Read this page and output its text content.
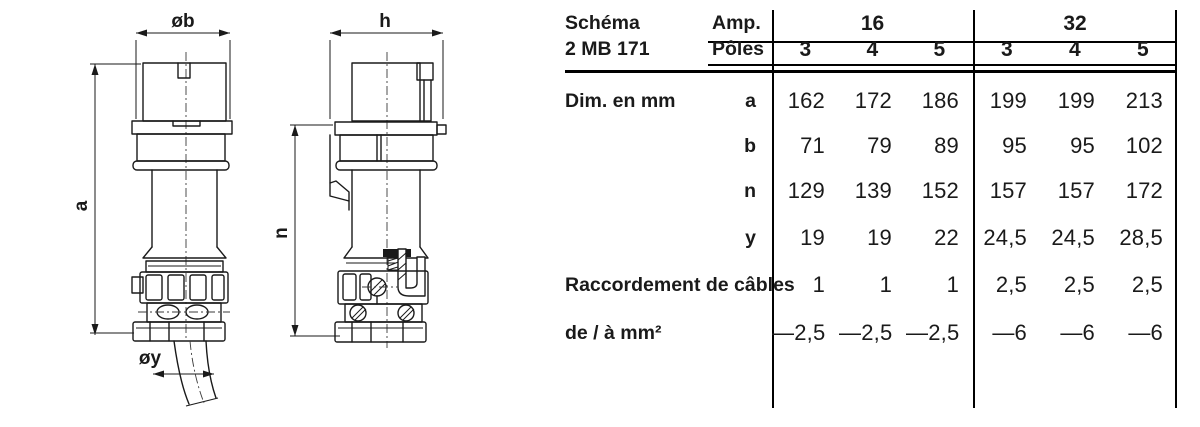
øb
a
øy
h
n
Schéma	Amp.	16	32
2 MB 171	Pôles	3	4	5	3	4	5
Dim. en mm	a	162	172	186	199	199	213
b	71	79	89	95	95	102
n	129	139	152	157	157	172
y	19	19	22	24,5	24,5	28,5
Raccordement de câbles 1	1	1	2,5	2,5	2,5
de / à mm²	—2,5 —2,5 —2,5	—6	—6	—6
